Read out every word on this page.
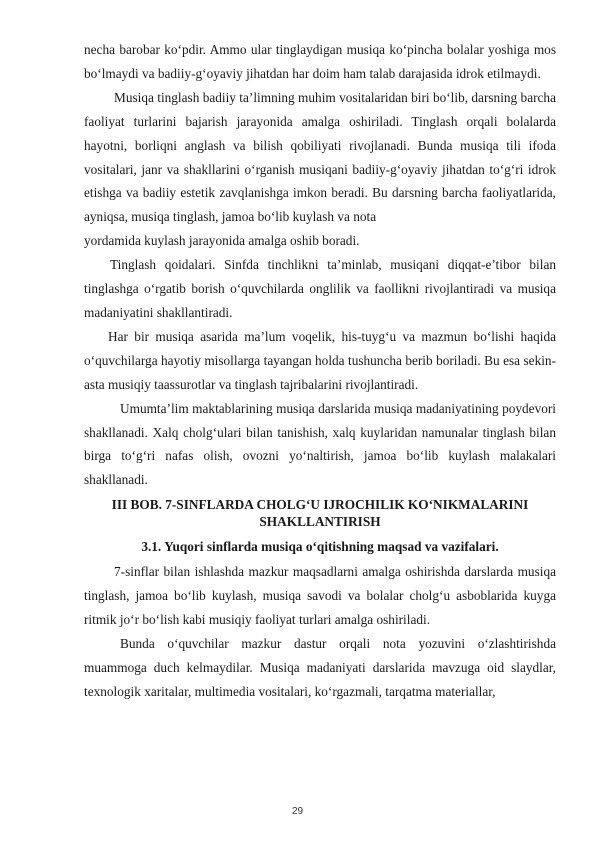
necha barobar ko‘pdir. Ammo ular tinglaydigan musiqa ko‘pincha bolalar yoshiga mos bo‘lmaydi va badiiy-g‘oyaviy jihatdan har doim ham talab darajasida idrok etilmaydi.

Musiqa tinglash badiiy ta’limning muhim vositalaridan biri bo‘lib, darsning barcha faoliyat turlarini bajarish jarayonida amalga oshiriladi. Tinglash orqali bolalarda hayotni, borliqni anglash va bilish qobiliyati rivojlanadi. Bunda musiqa tili ifoda vositalari, janr va shakllarini o‘rganish musiqani badiiy-g‘oyaviy jihatdan to‘g‘ri idrok etishga va badiiy estetik zavqlanishga imkon beradi. Bu darsning barcha faoliyatlarida, ayniqsa, musiqa tinglash, jamoa bo‘lib kuylash va nota

yordamida kuylash jarayonida amalga oshib boradi.

Tinglash qoidalari. Sinfda tinchlikni ta’minlab, musiqani diqqat-e’tibor bilan tinglashga o‘rgatib borish o‘quvchilarda onglilik va faollikni rivojlantiradi va musiqa madaniyatini shakllantiradi.

Har bir musiqa asarida ma’lum voqelik, his-tuyg‘u va mazmun bo‘lishi haqida o‘quvchilarga hayotiy misollarga tayangan holda tushuncha berib boriladi. Bu esa sekin-asta musiqiy taassurotlar va tinglash tajribalarini rivojlantiradi.

Umumta’lim maktablarining musiqa darslarida musiqa madaniyatining poydevori shakllanadi. Xalq cholg‘ulari bilan tanishish, xalq kuylaridan namunalar tinglash bilan birga to‘g‘ri nafas olish, ovozni yo‘naltirish, jamoa bo‘lib kuylash malakalari shakllanadi.

III BOB. 7-SINFLARDA CHOLG‘U IJROCHILIK KO‘NIKMALARINI SHAKLLANTIRISH

3.1. Yuqori sinflarda musiqa o‘qitishning maqsad va vazifalari.

7-sinflar bilan ishlashda mazkur maqsadlarni amalga oshirishda darslarda musiqa tinglash, jamoa bo‘lib kuylash, musiqa savodi va bolalar cholg‘u asboblarida kuyga ritmik jo‘r bo‘lish kabi musiqiy faoliyat turlari amalga oshiriladi.

Bunda o‘quvchilar mazkur dastur orqali nota yozuvini o‘zlashtirishda muammoga duch kelmaydilar. Musiqa madaniyati darslarida mavzuga oid slaydlar, texnologik xaritalar, multimedia vositalari, ko‘rgazmali, tarqatma materiallar,

29
